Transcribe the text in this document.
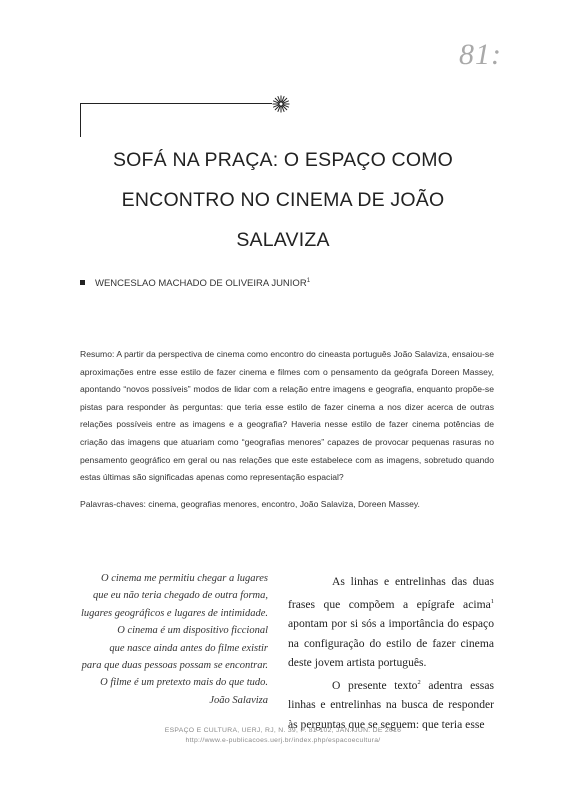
81:
SOFÁ NA PRAÇA: O ESPAÇO COMO
ENCONTRO NO CINEMA DE JOÃO
SALAVIZA
WENCESLAO MACHADO DE OLIVEIRA JUNIOR$^1$
Resumo: A partir da perspectiva de cinema como encontro do cineasta português João Salaviza, ensaiou-se aproximações entre esse estilo de fazer cinema e filmes com o pensamento da geógrafa Doreen Massey, apontando “novos possíveis” modos de lidar com a relação entre imagens e geografia, enquanto propõe-se pistas para responder às perguntas: que teria esse estilo de fazer cinema a nos dizer acerca de outras relações possíveis entre as imagens e a geografia? Haveria nesse estilo de fazer cinema potências de criação das imagens que atuariam como “geografias menores” capazes de provocar pequenas rasuras no pensamento geográfico em geral ou nas relações que este estabelece com as imagens, sobretudo quando estas últimas são significadas apenas como representação espacial?
Palavras-chaves: cinema, geografias menores, encontro, João Salaviza, Doreen Massey.
O cinema me permitiu chegar a lugares
que eu não teria chegado de outra forma,
lugares geográficos e lugares de intimidade.
O cinema é um dispositivo ficcional
que nasce ainda antes do filme existir
para que duas pessoas possam se encontrar.
O filme é um pretexto mais do que tudo.
João Salaviza

As linhas e entrelinhas das duas frases que compõem a epígrafe acima$^1$ apontam por si sós a importância do espaço na configuração do estilo de fazer cinema deste jovem artista português.

O presente texto$^2$ adentra essas linhas e entrelinhas na busca de responder às perguntas que se seguem: que teria esse

ESPAÇO E CULTURA, UERJ, RJ, N. 39, P. 81-102, JAN./JUN. DE 2016
http://www.e-publicacoes.uerj.br/index.php/espacoecultura/
